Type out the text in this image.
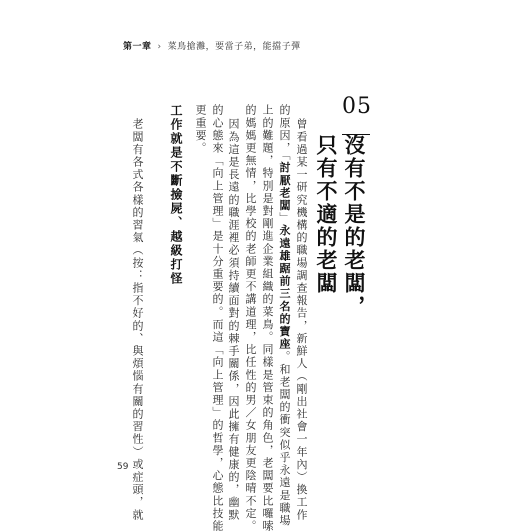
第一章 › 菜鳥搶灘，要當子弟，能擋子彈
05
沒有不是的老闆，
只有不適的老闆
曾看過某一研究機構的職場調查報告，新鮮人（剛出社會一年內）換工作
的原因，「討厭老闆」永遠雄踞前三名的寶座。和老闆的衝突似乎永遠是職場
上的難題，特別是對剛進企業組織的菜鳥。同樣是管束的角色，老闆要比囉嗦
的媽媽更無情，比學校的老師更不講道理，比任性的男／女朋友更陰晴不定。
因為這是長遠的職涯裡必須持續面對的棘手關係，因此擁有健康的，幽默
的心態來「向上管理」是十分重要的。而這「向上管理」的哲學，心態比技能
更重要。
工作就是不斷撿屍、越級打怪
老闆有各式各樣的習氣（按：指不好的、與煩惱有關的習性）或症頭，就
59
